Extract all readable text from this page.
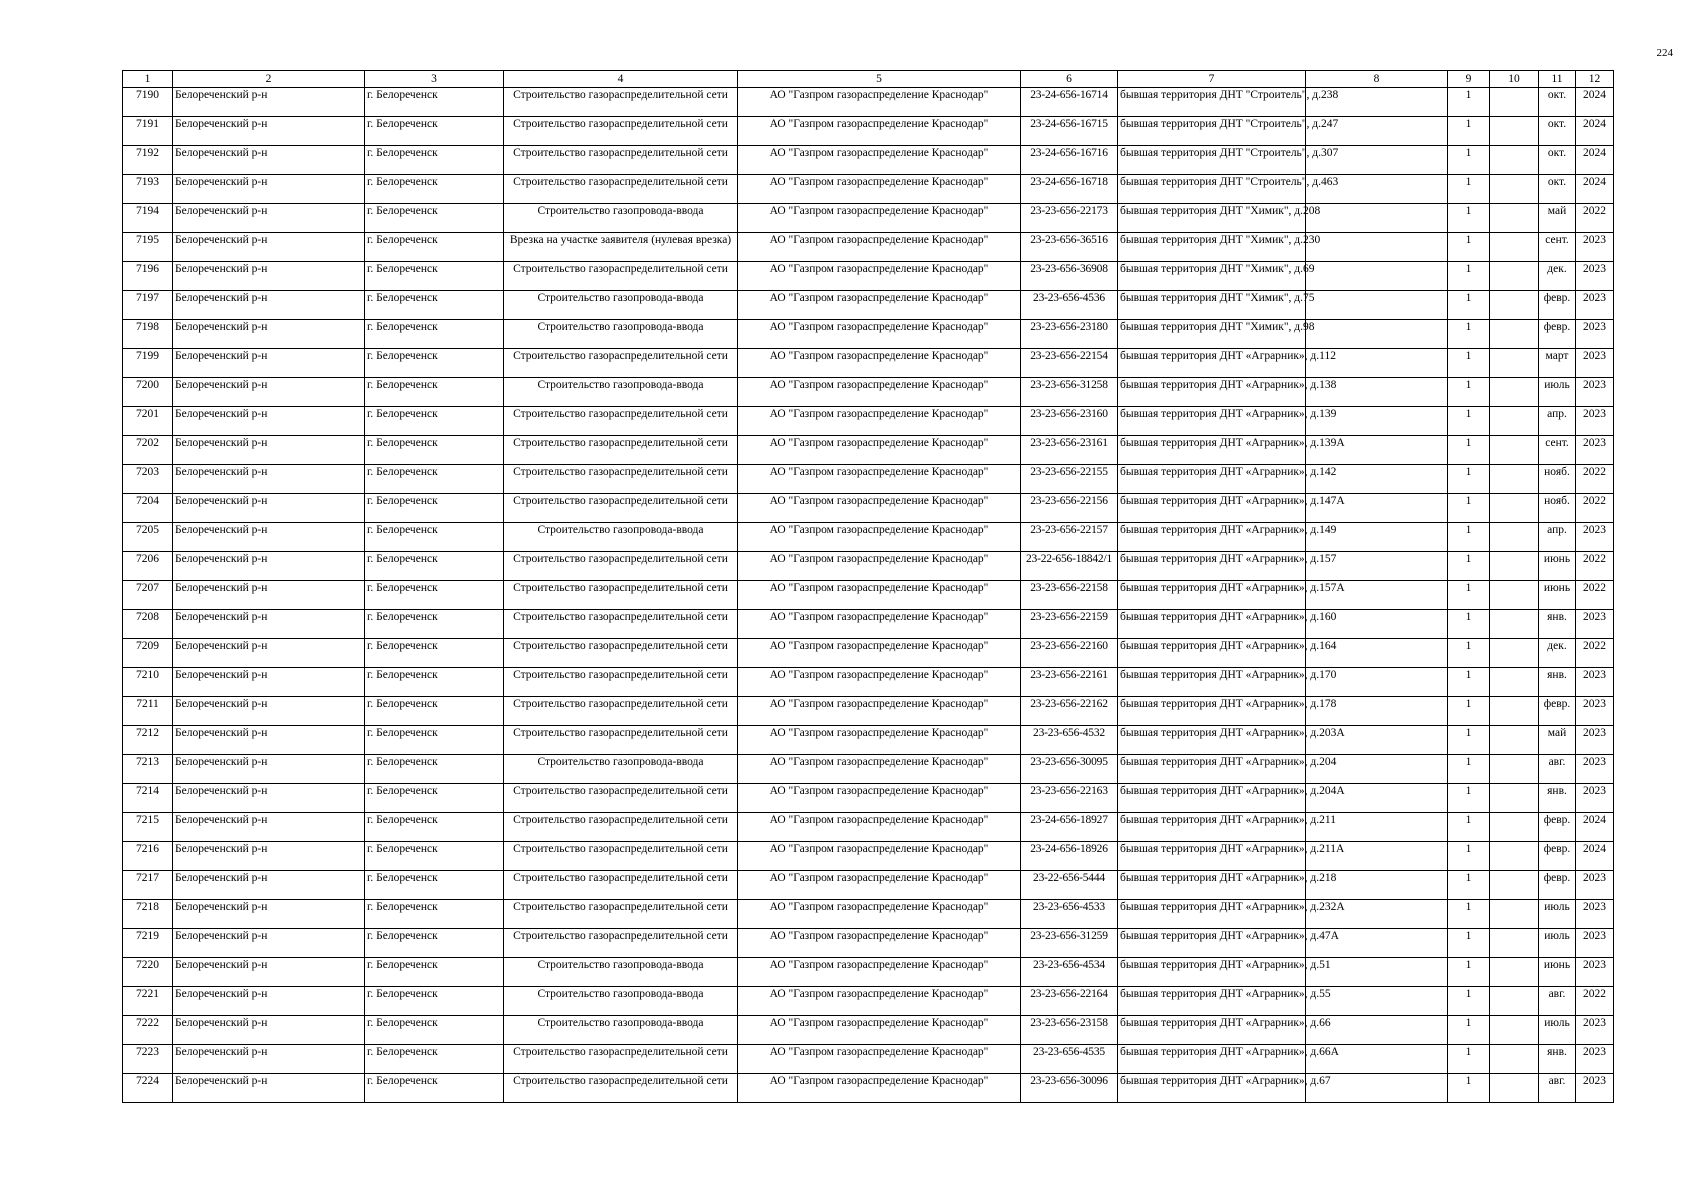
224
1	2	3	4	5	6	7	8	9	10	11	12
7190	Белореченский р-н	г. Белореченск	Строительство газораспределительной сети	АО "Газпром газораспределение Краснодар"	23-24-656-16714	бывшая территория ДНТ "Строитель", д.238		1		окт.	2024
7191	Белореченский р-н	г. Белореченск	Строительство газораспределительной сети	АО "Газпром газораспределение Краснодар"	23-24-656-16715	бывшая территория ДНТ "Строитель", д.247		1		окт.	2024
7192	Белореченский р-н	г. Белореченск	Строительство газораспределительной сети	АО "Газпром газораспределение Краснодар"	23-24-656-16716	бывшая территория ДНТ "Строитель", д.307		1		окт.	2024
7193	Белореченский р-н	г. Белореченск	Строительство газораспределительной сети	АО "Газпром газораспределение Краснодар"	23-24-656-16718	бывшая территория ДНТ "Строитель", д.463		1		окт.	2024
7194	Белореченский р-н	г. Белореченск	Строительство газопровода-ввода	АО "Газпром газораспределение Краснодар"	23-23-656-22173	бывшая территория ДНТ "Химик", д.208		1		май	2022
7195	Белореченский р-н	г. Белореченск	Врезка на участке заявителя (нулевая врезка)	АО "Газпром газораспределение Краснодар"	23-23-656-36516	бывшая территория ДНТ "Химик", д.230		1		сент.	2023
7196	Белореченский р-н	г. Белореченск	Строительство газораспределительной сети	АО "Газпром газораспределение Краснодар"	23-23-656-36908	бывшая территория ДНТ "Химик", д.69		1		дек.	2023
7197	Белореченский р-н	г. Белореченск	Строительство газопровода-ввода	АО "Газпром газораспределение Краснодар"	23-23-656-4536	бывшая территория ДНТ "Химик", д.75		1		февр.	2023
7198	Белореченский р-н	г. Белореченск	Строительство газопровода-ввода	АО "Газпром газораспределение Краснодар"	23-23-656-23180	бывшая территория ДНТ "Химик", д.98		1		февр.	2023
7199	Белореченский р-н	г. Белореченск	Строительство газораспределительной сети	АО "Газпром газораспределение Краснодар"	23-23-656-22154	бывшая территория ДНТ «Аграрник», д.112		1		март	2023
7200	Белореченский р-н	г. Белореченск	Строительство газопровода-ввода	АО "Газпром газораспределение Краснодар"	23-23-656-31258	бывшая территория ДНТ «Аграрник», д.138		1		июль	2023
7201	Белореченский р-н	г. Белореченск	Строительство газораспределительной сети	АО "Газпром газораспределение Краснодар"	23-23-656-23160	бывшая территория ДНТ «Аграрник», д.139		1		апр.	2023
7202	Белореченский р-н	г. Белореченск	Строительство газораспределительной сети	АО "Газпром газораспределение Краснодар"	23-23-656-23161	бывшая территория ДНТ «Аграрник», д.139А		1		сент.	2023
7203	Белореченский р-н	г. Белореченск	Строительство газораспределительной сети	АО "Газпром газораспределение Краснодар"	23-23-656-22155	бывшая территория ДНТ «Аграрник», д.142		1		нояб.	2022
7204	Белореченский р-н	г. Белореченск	Строительство газораспределительной сети	АО "Газпром газораспределение Краснодар"	23-23-656-22156	бывшая территория ДНТ «Аграрник», д.147А		1		нояб.	2022
7205	Белореченский р-н	г. Белореченск	Строительство газопровода-ввода	АО "Газпром газораспределение Краснодар"	23-23-656-22157	бывшая территория ДНТ «Аграрник», д.149		1		апр.	2023
7206	Белореченский р-н	г. Белореченск	Строительство газораспределительной сети	АО "Газпром газораспределение Краснодар"	23-22-656-18842/1	бывшая территория ДНТ «Аграрник», д.157		1		июнь	2022
7207	Белореченский р-н	г. Белореченск	Строительство газораспределительной сети	АО "Газпром газораспределение Краснодар"	23-23-656-22158	бывшая территория ДНТ «Аграрник», д.157А		1		июнь	2022
7208	Белореченский р-н	г. Белореченск	Строительство газораспределительной сети	АО "Газпром газораспределение Краснодар"	23-23-656-22159	бывшая территория ДНТ «Аграрник», д.160		1		янв.	2023
7209	Белореченский р-н	г. Белореченск	Строительство газораспределительной сети	АО "Газпром газораспределение Краснодар"	23-23-656-22160	бывшая территория ДНТ «Аграрник», д.164		1		дек.	2022
7210	Белореченский р-н	г. Белореченск	Строительство газораспределительной сети	АО "Газпром газораспределение Краснодар"	23-23-656-22161	бывшая территория ДНТ «Аграрник», д.170		1		янв.	2023
7211	Белореченский р-н	г. Белореченск	Строительство газораспределительной сети	АО "Газпром газораспределение Краснодар"	23-23-656-22162	бывшая территория ДНТ «Аграрник», д.178		1		февр.	2023
7212	Белореченский р-н	г. Белореченск	Строительство газораспределительной сети	АО "Газпром газораспределение Краснодар"	23-23-656-4532	бывшая территория ДНТ «Аграрник», д.203А		1		май	2023
7213	Белореченский р-н	г. Белореченск	Строительство газопровода-ввода	АО "Газпром газораспределение Краснодар"	23-23-656-30095	бывшая территория ДНТ «Аграрник», д.204		1		авг.	2023
7214	Белореченский р-н	г. Белореченск	Строительство газораспределительной сети	АО "Газпром газораспределение Краснодар"	23-23-656-22163	бывшая территория ДНТ «Аграрник», д.204А		1		янв.	2023
7215	Белореченский р-н	г. Белореченск	Строительство газораспределительной сети	АО "Газпром газораспределение Краснодар"	23-24-656-18927	бывшая территория ДНТ «Аграрник», д.211		1		февр.	2024
7216	Белореченский р-н	г. Белореченск	Строительство газораспределительной сети	АО "Газпром газораспределение Краснодар"	23-24-656-18926	бывшая территория ДНТ «Аграрник», д.211А		1		февр.	2024
7217	Белореченский р-н	г. Белореченск	Строительство газораспределительной сети	АО "Газпром газораспределение Краснодар"	23-22-656-5444	бывшая территория ДНТ «Аграрник», д.218		1		февр.	2023
7218	Белореченский р-н	г. Белореченск	Строительство газораспределительной сети	АО "Газпром газораспределение Краснодар"	23-23-656-4533	бывшая территория ДНТ «Аграрник», д.232А		1		июль	2023
7219	Белореченский р-н	г. Белореченск	Строительство газораспределительной сети	АО "Газпром газораспределение Краснодар"	23-23-656-31259	бывшая территория ДНТ «Аграрник», д.47А		1		июль	2023
7220	Белореченский р-н	г. Белореченск	Строительство газопровода-ввода	АО "Газпром газораспределение Краснодар"	23-23-656-4534	бывшая территория ДНТ «Аграрник», д.51		1		июнь	2023
7221	Белореченский р-н	г. Белореченск	Строительство газопровода-ввода	АО "Газпром газораспределение Краснодар"	23-23-656-22164	бывшая территория ДНТ «Аграрник», д.55		1		авг.	2022
7222	Белореченский р-н	г. Белореченск	Строительство газопровода-ввода	АО "Газпром газораспределение Краснодар"	23-23-656-23158	бывшая территория ДНТ «Аграрник», д.66		1		июль	2023
7223	Белореченский р-н	г. Белореченск	Строительство газораспределительной сети	АО "Газпром газораспределение Краснодар"	23-23-656-4535	бывшая территория ДНТ «Аграрник», д.66А		1		янв.	2023
7224	Белореченский р-н	г. Белореченск	Строительство газораспределительной сети	АО "Газпром газораспределение Краснодар"	23-23-656-30096	бывшая территория ДНТ «Аграрник», д.67		1		авг.	2023
